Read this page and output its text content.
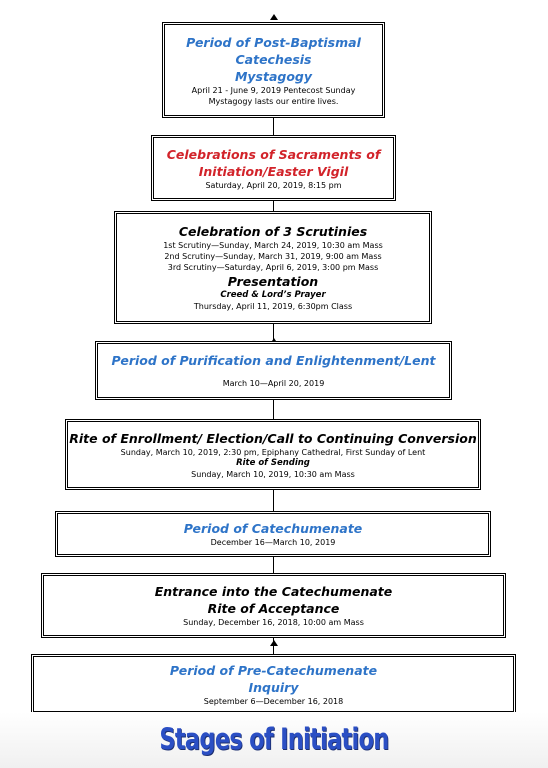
Period of Post-Baptismal
Catechesis
Mystagogy
April 21 - June 9, 2019 Pentecost Sunday
Mystagogy lasts our entire lives.
Celebrations of Sacraments of
Initiation/Easter Vigil
Saturday, April 20, 2019, 8:15 pm
Celebration of 3 Scrutinies
1st Scrutiny—Sunday, March 24, 2019, 10:30 am Mass
2nd Scrutiny—Sunday, March 31, 2019, 9:00 am Mass
3rd Scrutiny—Saturday, April 6, 2019, 3:00 pm Mass
Presentation
Creed & Lord’s Prayer
Thursday, April 11, 2019, 6:30pm Class
Period of Purification and Enlightenment/Lent
March 10—April 20, 2019
Rite of Enrollment/ Election/Call to Continuing Conversion
Sunday, March 10, 2019, 2:30 pm, Epiphany Cathedral, First Sunday of Lent
Rite of Sending
Sunday, March 10, 2019, 10:30 am Mass
Period of Catechumenate
December 16—March 10, 2019
Entrance into the Catechumenate
Rite of Acceptance
Sunday, December 16, 2018, 10:00 am Mass
Period of Pre-Catechumenate
Inquiry
September 6—December 16, 2018
Stages of Initiation
